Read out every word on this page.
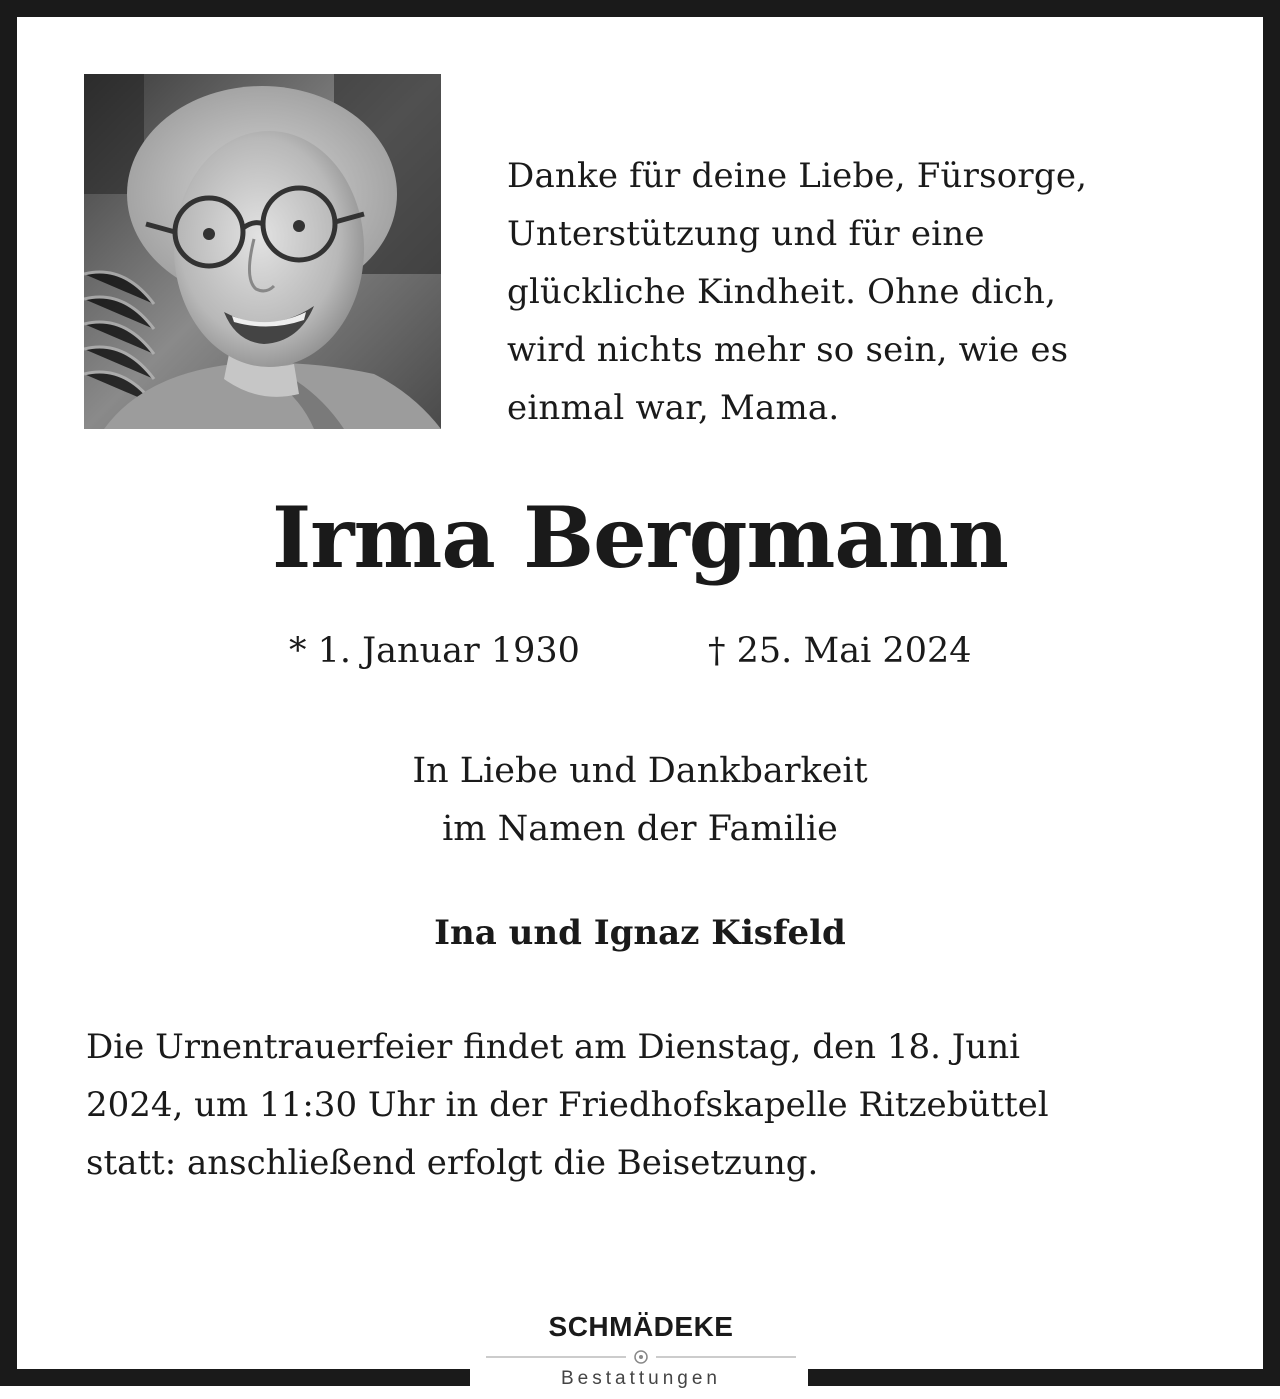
Danke für deine Liebe, Fürsorge,
Unterstützung und für eine
glückliche Kindheit. Ohne dich,
wird nichts mehr so sein, wie es
einmal war, Mama.
Irma Bergmann
* 1. Januar 1930	† 25. Mai 2024
In Liebe und Dankbarkeit
im Namen der Familie
Ina und Ignaz Kisfeld
Die Urnentrauerfeier findet am Dienstag, den 18. Juni
2024, um 11:30 Uhr in der Friedhofskapelle Ritzebüttel
statt: anschließend erfolgt die Beisetzung.
SCHMÄDEKE
Bestattungen
